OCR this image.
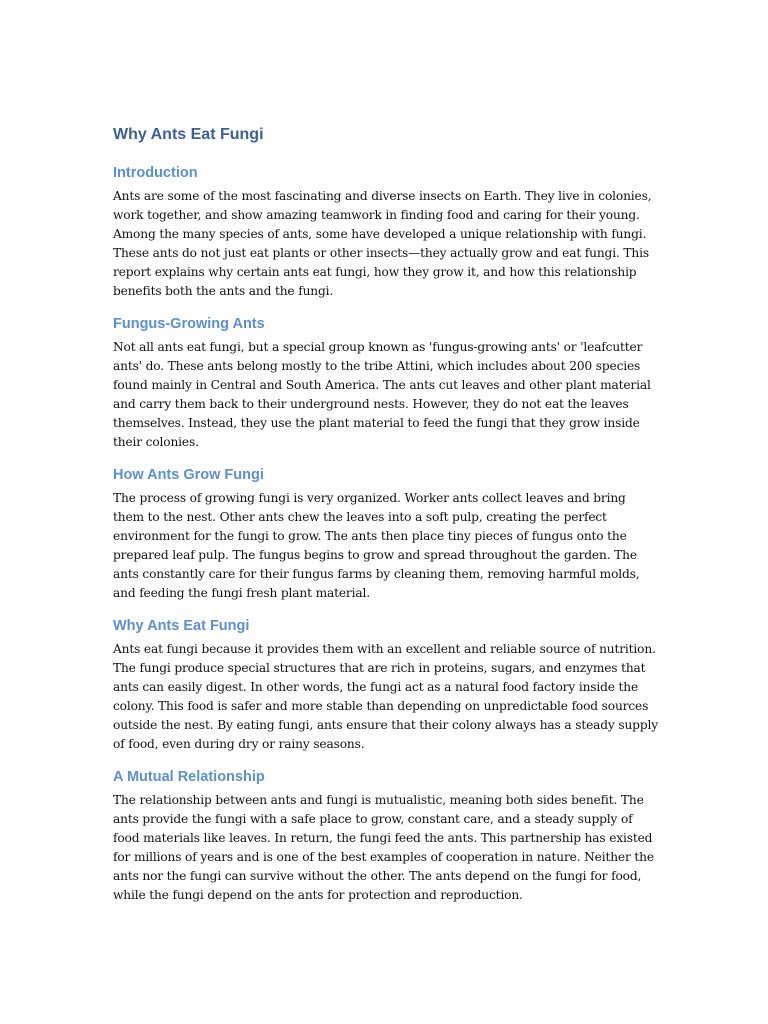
Why Ants Eat Fungi
Introduction

Ants are some of the most fascinating and diverse insects on Earth. They live in colonies, work together, and show amazing teamwork in finding food and caring for their young. Among the many species of ants, some have developed a unique relationship with fungi. These ants do not just eat plants or other insects—they actually grow and eat fungi. This report explains why certain ants eat fungi, how they grow it, and how this relationship benefits both the ants and the fungi.

Fungus-Growing Ants

Not all ants eat fungi, but a special group known as 'fungus-growing ants' or 'leafcutter ants' do. These ants belong mostly to the tribe Attini, which includes about 200 species found mainly in Central and South America. The ants cut leaves and other plant material and carry them back to their underground nests. However, they do not eat the leaves themselves. Instead, they use the plant material to feed the fungi that they grow inside their colonies.

How Ants Grow Fungi

The process of growing fungi is very organized. Worker ants collect leaves and bring them to the nest. Other ants chew the leaves into a soft pulp, creating the perfect environment for the fungi to grow. The ants then place tiny pieces of fungus onto the prepared leaf pulp. The fungus begins to grow and spread throughout the garden. The ants constantly care for their fungus farms by cleaning them, removing harmful molds, and feeding the fungi fresh plant material.

Why Ants Eat Fungi

Ants eat fungi because it provides them with an excellent and reliable source of nutrition. The fungi produce special structures that are rich in proteins, sugars, and enzymes that ants can easily digest. In other words, the fungi act as a natural food factory inside the colony. This food is safer and more stable than depending on unpredictable food sources outside the nest. By eating fungi, ants ensure that their colony always has a steady supply of food, even during dry or rainy seasons.

A Mutual Relationship

The relationship between ants and fungi is mutualistic, meaning both sides benefit. The ants provide the fungi with a safe place to grow, constant care, and a steady supply of food materials like leaves. In return, the fungi feed the ants. This partnership has existed for millions of years and is one of the best examples of cooperation in nature. Neither the ants nor the fungi can survive without the other. The ants depend on the fungi for food, while the fungi depend on the ants for protection and reproduction.
